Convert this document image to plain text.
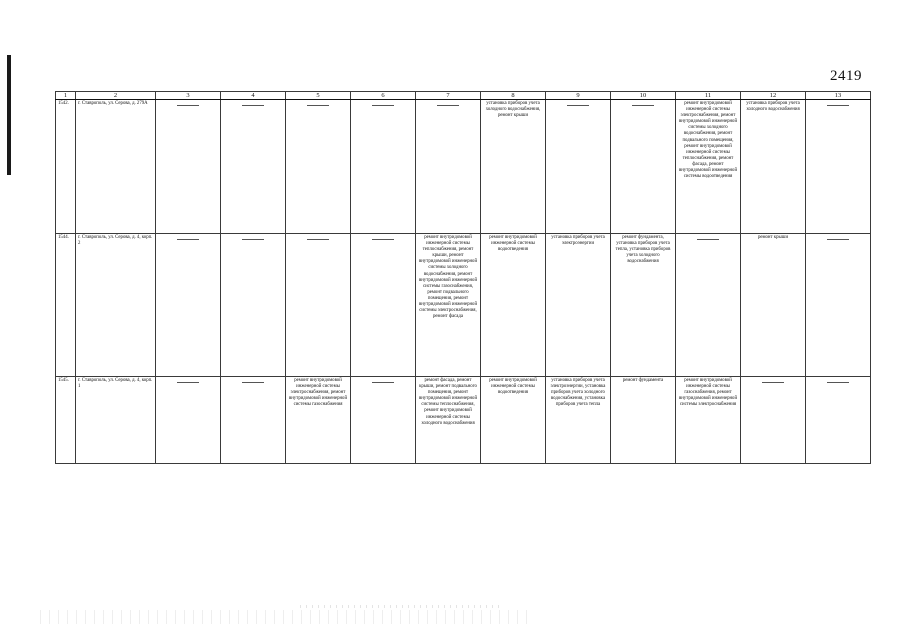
2419
1	2	3	4	5	6	7	8	9	10	11	12	13
1542.	г. Ставрополь, ул. Серова, д. 279А						установка приборов учета холодного водоснабжения, ремонт крыши			ремонт внутридомовой инженерной системы электроснабжения, ремонт внутридомовой инженерной системы холодного водоснабжения, ремонт подвального помещения, ремонт внутридомовой инженерной системы теплоснабжения, ремонт фасада, ремонт внутридомовой инженерной системы водоотведения	установка приборов учета холодного водоснабжения	
1544.	г. Ставрополь, ул. Серова, д. 4, корп. 2					ремонт внутридомовой инженерной системы теплоснабжения, ремонт крыши, ремонт внутридомовой инженерной системы холодного водоснабжения, ремонт внутридомовой инженерной системы газоснабжения, ремонт подвального помещения, ремонт внутридомовой инженерной системы электроснабжения, ремонт фасада	ремонт внутридомовой инженерной системы водоотведения	установка приборов учета электроэнергии	ремонт фундамента, установка приборов учета тепла, установка приборов учета холодного водоснабжения		ремонт крыши	
1545.	г. Ставрополь, ул. Серова, д. 4, корп. 1			ремонт внутридомовой инженерной системы электроснабжения, ремонт внутридомовой инженерной системы газоснабжения		ремонт фасада, ремонт крыши, ремонт подвального помещения, ремонт внутридомовой инженерной системы теплоснабжения, ремонт внутридомовой инженерной системы холодного водоснабжения	ремонт внутридомовой инженерной системы водоотведения	установка приборов учета электроэнергии, установка приборов учета холодного водоснабжения, установка приборов учета тепла	ремонт фундамента	ремонт внутридомовой инженерной системы газоснабжения, ремонт внутридомовой инженерной системы электроснабжения		
